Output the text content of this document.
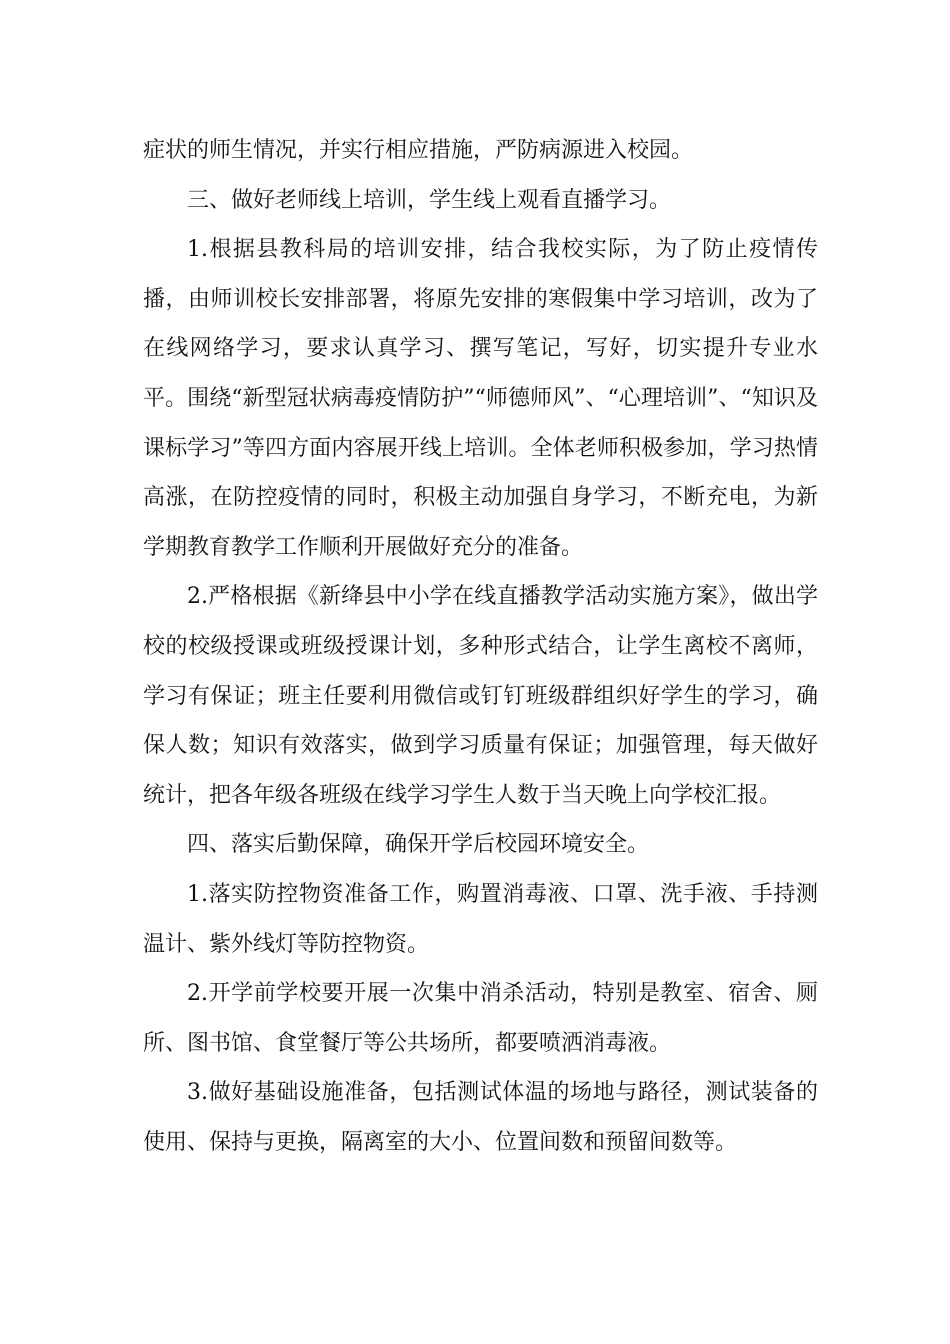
症状的师生情况，并实行相应措施，严防病源进入校园。

三、做好老师线上培训，学生线上观看直播学习。

1.根据县教科局的培训安排，结合我校实际，为了防止疫情传播，由师训校长安排部署，将原先安排的寒假集中学习培训，改为了在线网络学习，要求认真学习、撰写笔记，写好，切实提升专业水平。围绕“新型冠状病毒疫情防护”“师德师风”、“心理培训”、“知识及课标学习”等四方面内容展开线上培训。全体老师积极参加，学习热情高涨，在防控疫情的同时，积极主动加强自身学习，不断充电，为新学期教育教学工作顺利开展做好充分的准备。

2.严格根据《新绛县中小学在线直播教学活动实施方案》，做出学校的校级授课或班级授课计划，多种形式结合，让学生离校不离师，学习有保证；班主任要利用微信或钉钉班级群组织好学生的学习，确保人数；知识有效落实，做到学习质量有保证；加强管理，每天做好统计，把各年级各班级在线学习学生人数于当天晚上向学校汇报。

四、落实后勤保障，确保开学后校园环境安全。

1.落实防控物资准备工作，购置消毒液、口罩、洗手液、手持测温计、紫外线灯等防控物资。

2.开学前学校要开展一次集中消杀活动，特别是教室、宿舍、厕所、图书馆、食堂餐厅等公共场所，都要喷洒消毒液。

3.做好基础设施准备，包括测试体温的场地与路径，测试装备的使用、保持与更换，隔离室的大小、位置间数和预留间数等。
